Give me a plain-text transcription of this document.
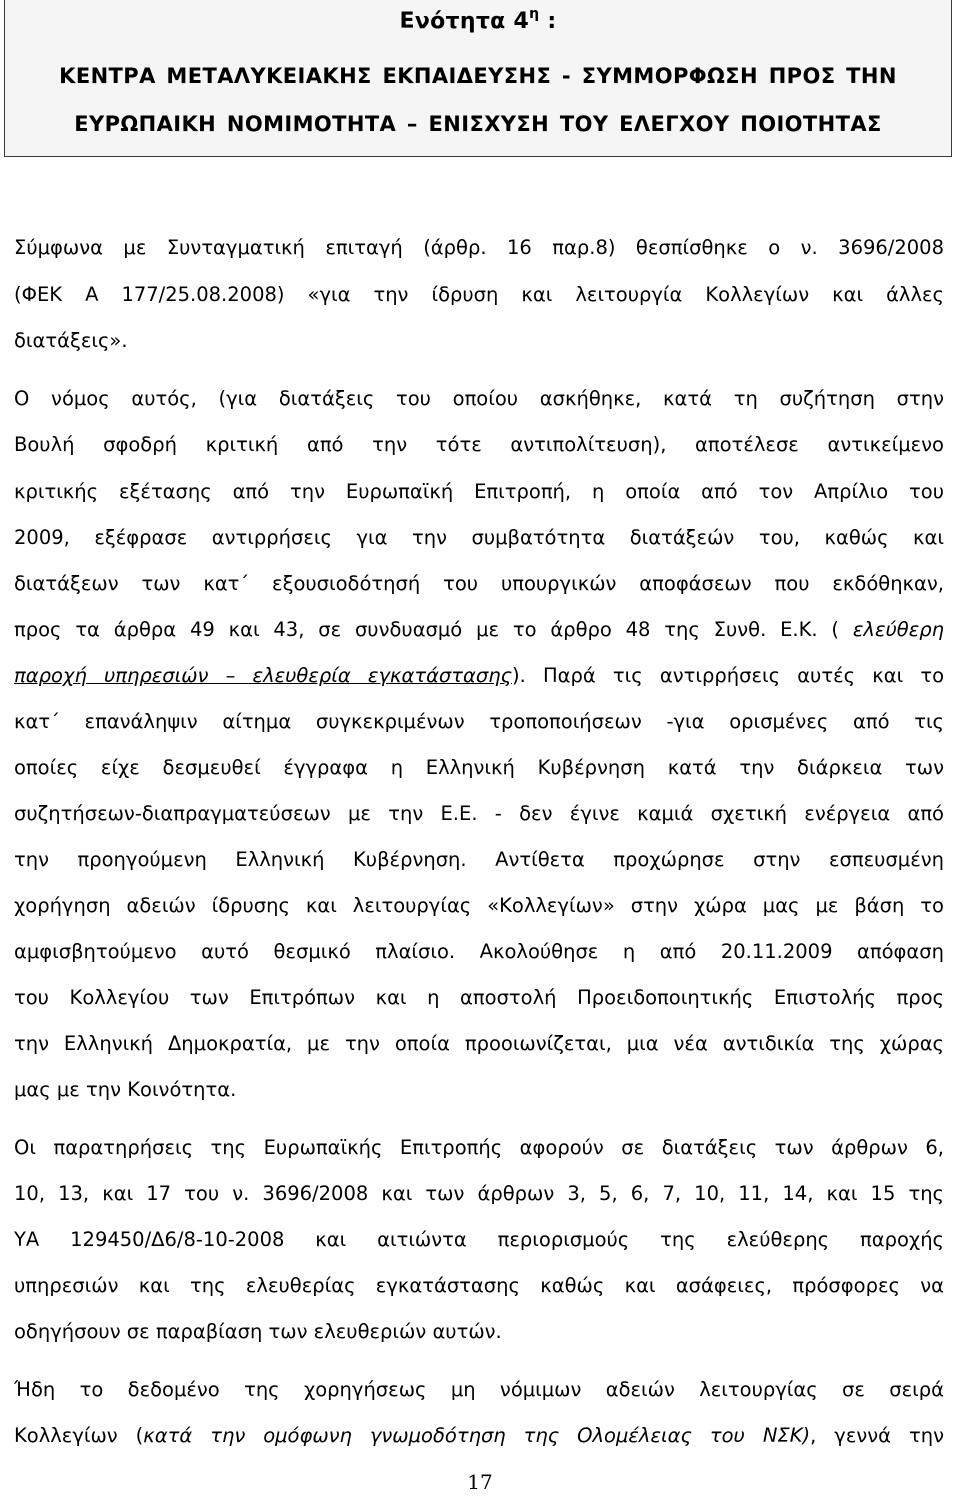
Ενότητα $4^\eta$ :
ΚΕΝΤΡΑ ΜΕΤΑΛΥΚΕΙΑΚΗΣ ΕΚΠΑΙΔΕΥΣΗΣ - ΣΥΜΜΟΡΦΩΣΗ ΠΡΟΣ ΤΗΝ
ΕΥΡΩΠΑΙΚΗ ΝΟΜΙΜΟΤΗΤΑ – ΕΝΙΣΧΥΣΗ ΤΟΥ ΕΛΕΓΧΟΥ ΠΟΙΟΤΗΤΑΣ
Σύμφωνα με Συνταγματική επιταγή (άρθρ. 16 παρ.8) θεσπίσθηκε ο ν. 3696/2008
(ΦΕΚ Α 177/25.08.2008) «για την ίδρυση και λειτουργία Κολλεγίων και άλλες
διατάξεις».
Ο νόμος αυτός, (για διατάξεις του οποίου ασκήθηκε, κατά τη συζήτηση στην
Βουλή σφοδρή κριτική από την τότε αντιπολίτευση), αποτέλεσε αντικείμενο
κριτικής εξέτασης από την Ευρωπαϊκή Επιτροπή, η οποία από τον Απρίλιο του
2009, εξέφρασε αντιρρήσεις για την συμβατότητα διατάξεών του, καθώς και
διατάξεων των κατ΄ εξουσιοδότησή του υπουργικών αποφάσεων που εκδόθηκαν,
προς τα άρθρα 49 και 43, σε συνδυασμό με το άρθρο 48 της Συνθ. Ε.Κ. ( ελεύθερη
παροχή υπηρεσιών – ελευθερία εγκατάστασης). Παρά τις αντιρρήσεις αυτές και το
κατ΄ επανάληψιν αίτημα συγκεκριμένων τροποποιήσεων -για ορισμένες από τις
οποίες είχε δεσμευθεί έγγραφα η Ελληνική Κυβέρνηση κατά την διάρκεια των
συζητήσεων-διαπραγματεύσεων με την Ε.Ε. - δεν έγινε καμιά σχετική ενέργεια από
την προηγούμενη Ελληνική Κυβέρνηση. Αντίθετα προχώρησε στην εσπευσμένη
χορήγηση αδειών ίδρυσης και λειτουργίας «Κολλεγίων» στην χώρα μας με βάση το
αμφισβητούμενο αυτό θεσμικό πλαίσιο. Ακολούθησε η από 20.11.2009 απόφαση
του Κολλεγίου των Επιτρόπων και η αποστολή Προειδοποιητικής Επιστολής προς
την Ελληνική Δημοκρατία, με την οποία προοιωνίζεται, μια νέα αντιδικία της χώρας
μας με την Κοινότητα.
Οι παρατηρήσεις της Ευρωπαϊκής Επιτροπής αφορούν σε διατάξεις των άρθρων 6,
10, 13, και 17 του ν. 3696/2008 και των άρθρων 3, 5, 6, 7, 10, 11, 14, και 15 της
ΥΑ 129450/Δ6/8-10-2008 και αιτιώντα περιορισμούς της ελεύθερης παροχής
υπηρεσιών και της ελευθερίας εγκατάστασης καθώς και ασάφειες, πρόσφορες να
οδηγήσουν σε παραβίαση των ελευθεριών αυτών.
Ήδη το δεδομένο της χορηγήσεως μη νόμιμων αδειών λειτουργίας σε σειρά
Κολλεγίων (κατά την ομόφωνη γνωμοδότηση της Ολομέλειας του ΝΣΚ), γεννά την
17
